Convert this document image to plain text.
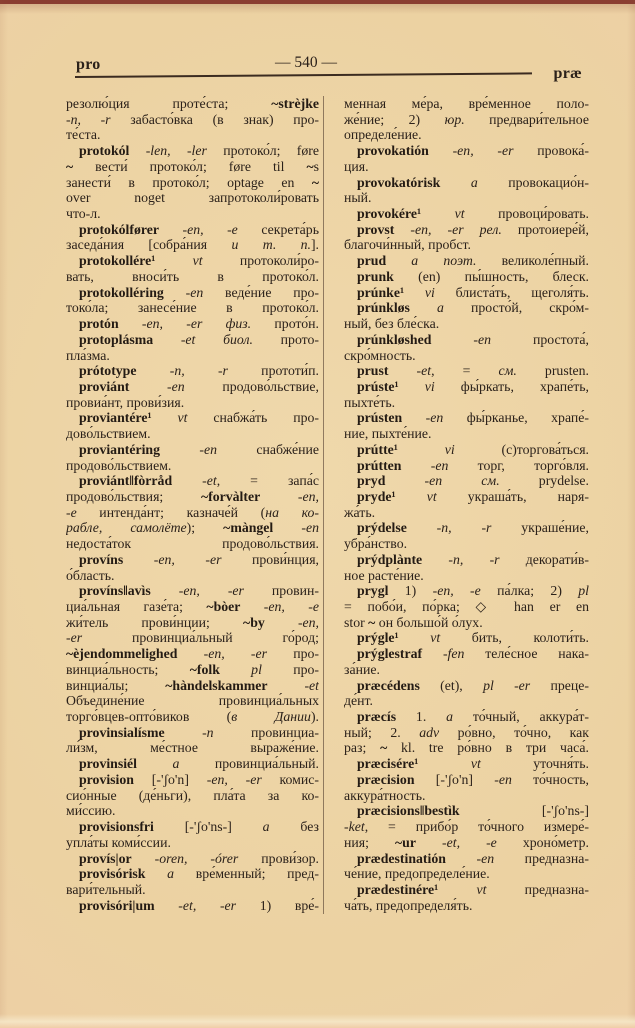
pro	— 540 —
præ
резолю́ция проте́ста; ~strèjke
-n, -r забасто́вка (в знак) про-
те́ста.
protokól -len, -ler протоко́л; føre
~ вести́ протоко́л; føre til ~s
занести́ в протоко́л; optage en ~
over noget запротоколи́ровать
что-л.
protokólfører -en, -e секрета́рь
заседа́ния [собра́ния и т. п.].
protokollére¹ vt протоколи́ро-
вать, вноси́ть в протоко́л.
protokolléring -en веде́ние про-
токо́ла; занесе́ние в протоко́л.
protón -en, -er физ. прото́н.
protoplásma -et биол. прото-
пла́зма.
prótotype -n, -r прототи́п.
proviánt -en продово́льствие,
провиа́нт, прови́зия.
proviantére¹ vt снабжа́ть про-
дово́льствием.
proviantéring -en снабже́ние
продово́льствием.
proviánt‖fòrråd -et, = запа́с
продово́льствия; ~forvàlter -en,
-e интенда́нт; казначе́й (на ко-
рабле, самолёте); ~màngel -en
недоста́ток продово́льствия.
províns -en, -er прови́нция,
о́бласть.
províns‖avìs -en, -er провин-
циа́льная газе́та; ~bòer -en, -e
жи́тель прови́нции; ~by -en,
-er провинциа́льный го́род;
~èjendommelighed -en, -er про-
винциа́льность; ~folk pl про-
винциа́лы; ~hàndelskammer -et
Объедине́ние провинциа́льных
торго́вцев-опто́виков (в Дании).
provinsialísme -n провинциа-
ли́зм, ме́стное выраже́ние.
provinsiél a провинциа́льный.
provision [-'ʃo'n] -en, -er комис-
сио́нные (де́ньги), пла́та за ко-
ми́ссию.
provisionsfri [-'ʃo'ns-] a без
упла́ты коми́ссии.
provís|or -oren, -órer прови́зор.
provisórisk a вре́менный; пред-
вари́тельный.
provisóri|um -et, -er 1) вре́-
менная ме́ра, вре́менное поло-
же́ние; 2) юр. предвари́тельное
определе́ние.
provokatión -en, -er провока́-
ция.
provokatórisk a провокацио́н-
ный.
provokére¹ vt провоци́ровать.
provst -en, -er рел. протоиере́й,
благочи́нный, пробст.
prud a поэт. великоле́пный.
prunk (en) пы́шность, блеск.
prúnke¹ vi блиста́ть, щеголя́ть.
prúnkløs a просто́й, скро́м-
ный, без бле́ска.
prúnkløshed -en простота́,
скро́мность.
prust -et, = см. prusten.
prúste¹ vi фы́ркать, храпе́ть,
пыхте́ть.
prústen -en фы́рканье, храпе́-
ние, пыхте́ние.
prútte¹ vi (с)торгова́ться.
prútten -en торг, торго́вля.
pryd -en	см. prydelse.
pryde¹ vt украша́ть, наря-
жа́ть.
prýdelse -n, -r украше́ние,
убра́нство.
prýdplànte -n, -r декорати́в-
ное расте́ние.
prygl 1) -en, -e па́лка; 2) pl
= побо́и, по́рка; ◇ han er en
stor ~ он большо́й о́лух.
prýgle¹ vt бить, колоти́ть.
prýglestraf -fen теле́сное нака-
за́ние.
præcédens (et), pl -er преце-
де́нт.
præcís 1. a то́чный, аккура́т-
ный; 2. adv ро́вно, то́чно, как
раз; ~ kl. tre ро́вно в три часа́.
præcisére¹ vt уточня́ть.
præcision [-'ʃo'n] -en то́чность,
аккура́тность.
præcisions‖bestìk [-'ʃo'ns-]
-ket, = прибо́р то́чного измере́-
ния; ~ur -et, -e хроно́метр.
prædestinatión -en предназна-
че́ние, предопределе́ние.
prædestinére¹ vt предназна-
ча́ть, предопределя́ть.
